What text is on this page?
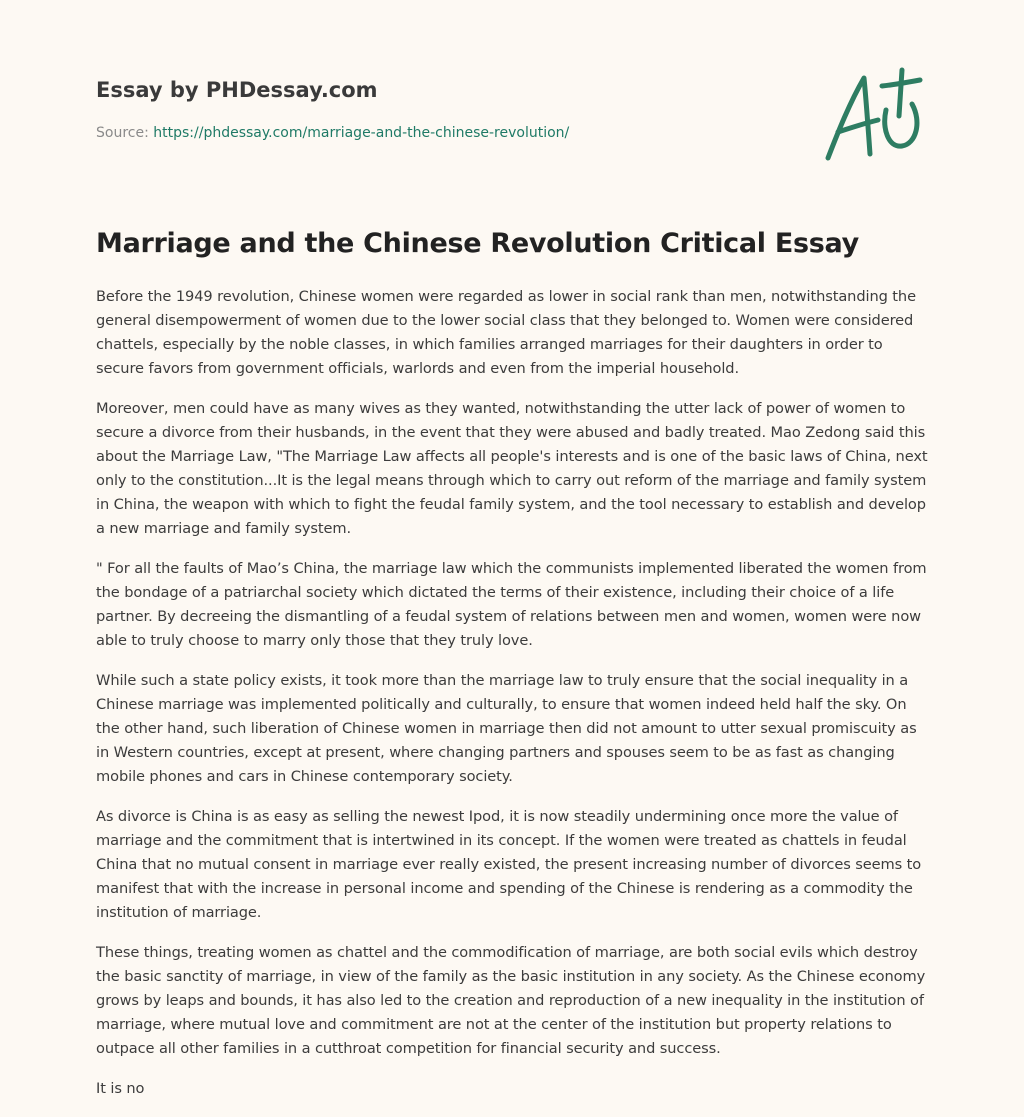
Essay by PHDessay.com
Source: https://phdessay.com/marriage-and-the-chinese-revolution/
Marriage and the Chinese Revolution Critical Essay

Before the 1949 revolution, Chinese women were regarded as lower in social rank than men, notwithstanding the general disempowerment of women due to the lower social class that they belonged to. Women were considered chattels, especially by the noble classes, in which families arranged marriages for their daughters in order to secure favors from government officials, warlords and even from the imperial household.

Moreover, men could have as many wives as they wanted, notwithstanding the utter lack of power of women to secure a divorce from their husbands, in the event that they were abused and badly treated. Mao Zedong said this about the Marriage Law, "The Marriage Law affects all people's interests and is one of the basic laws of China, next only to the constitution...It is the legal means through which to carry out reform of the marriage and family system in China, the weapon with which to fight the feudal family system, and the tool necessary to establish and develop a new marriage and family system.

" For all the faults of Mao’s China, the marriage law which the communists implemented liberated the women from the bondage of a patriarchal society which dictated the terms of their existence, including their choice of a life partner. By decreeing the dismantling of a feudal system of relations between men and women, women were now able to truly choose to marry only those that they truly love.

While such a state policy exists, it took more than the marriage law to truly ensure that the social inequality in a Chinese marriage was implemented politically and culturally, to ensure that women indeed held half the sky. On the other hand, such liberation of Chinese women in marriage then did not amount to utter sexual promiscuity as in Western countries, except at present, where changing partners and spouses seem to be as fast as changing mobile phones and cars in Chinese contemporary society.

As divorce is China is as easy as selling the newest Ipod, it is now steadily undermining once more the value of marriage and the commitment that is intertwined in its concept. If the women were treated as chattels in feudal China that no mutual consent in marriage ever really existed, the present increasing number of divorces seems to manifest that with the increase in personal income and spending of the Chinese is rendering as a commodity the institution of marriage.

These things, treating women as chattel and the commodification of marriage, are both social evils which destroy the basic sanctity of marriage, in view of the family as the basic institution in any society. As the Chinese economy grows by leaps and bounds, it has also led to the creation and reproduction of a new inequality in the institution of marriage, where mutual love and commitment are not at the center of the institution but property relations to outpace all other families in a cutthroat competition for financial security and success.

It is no
